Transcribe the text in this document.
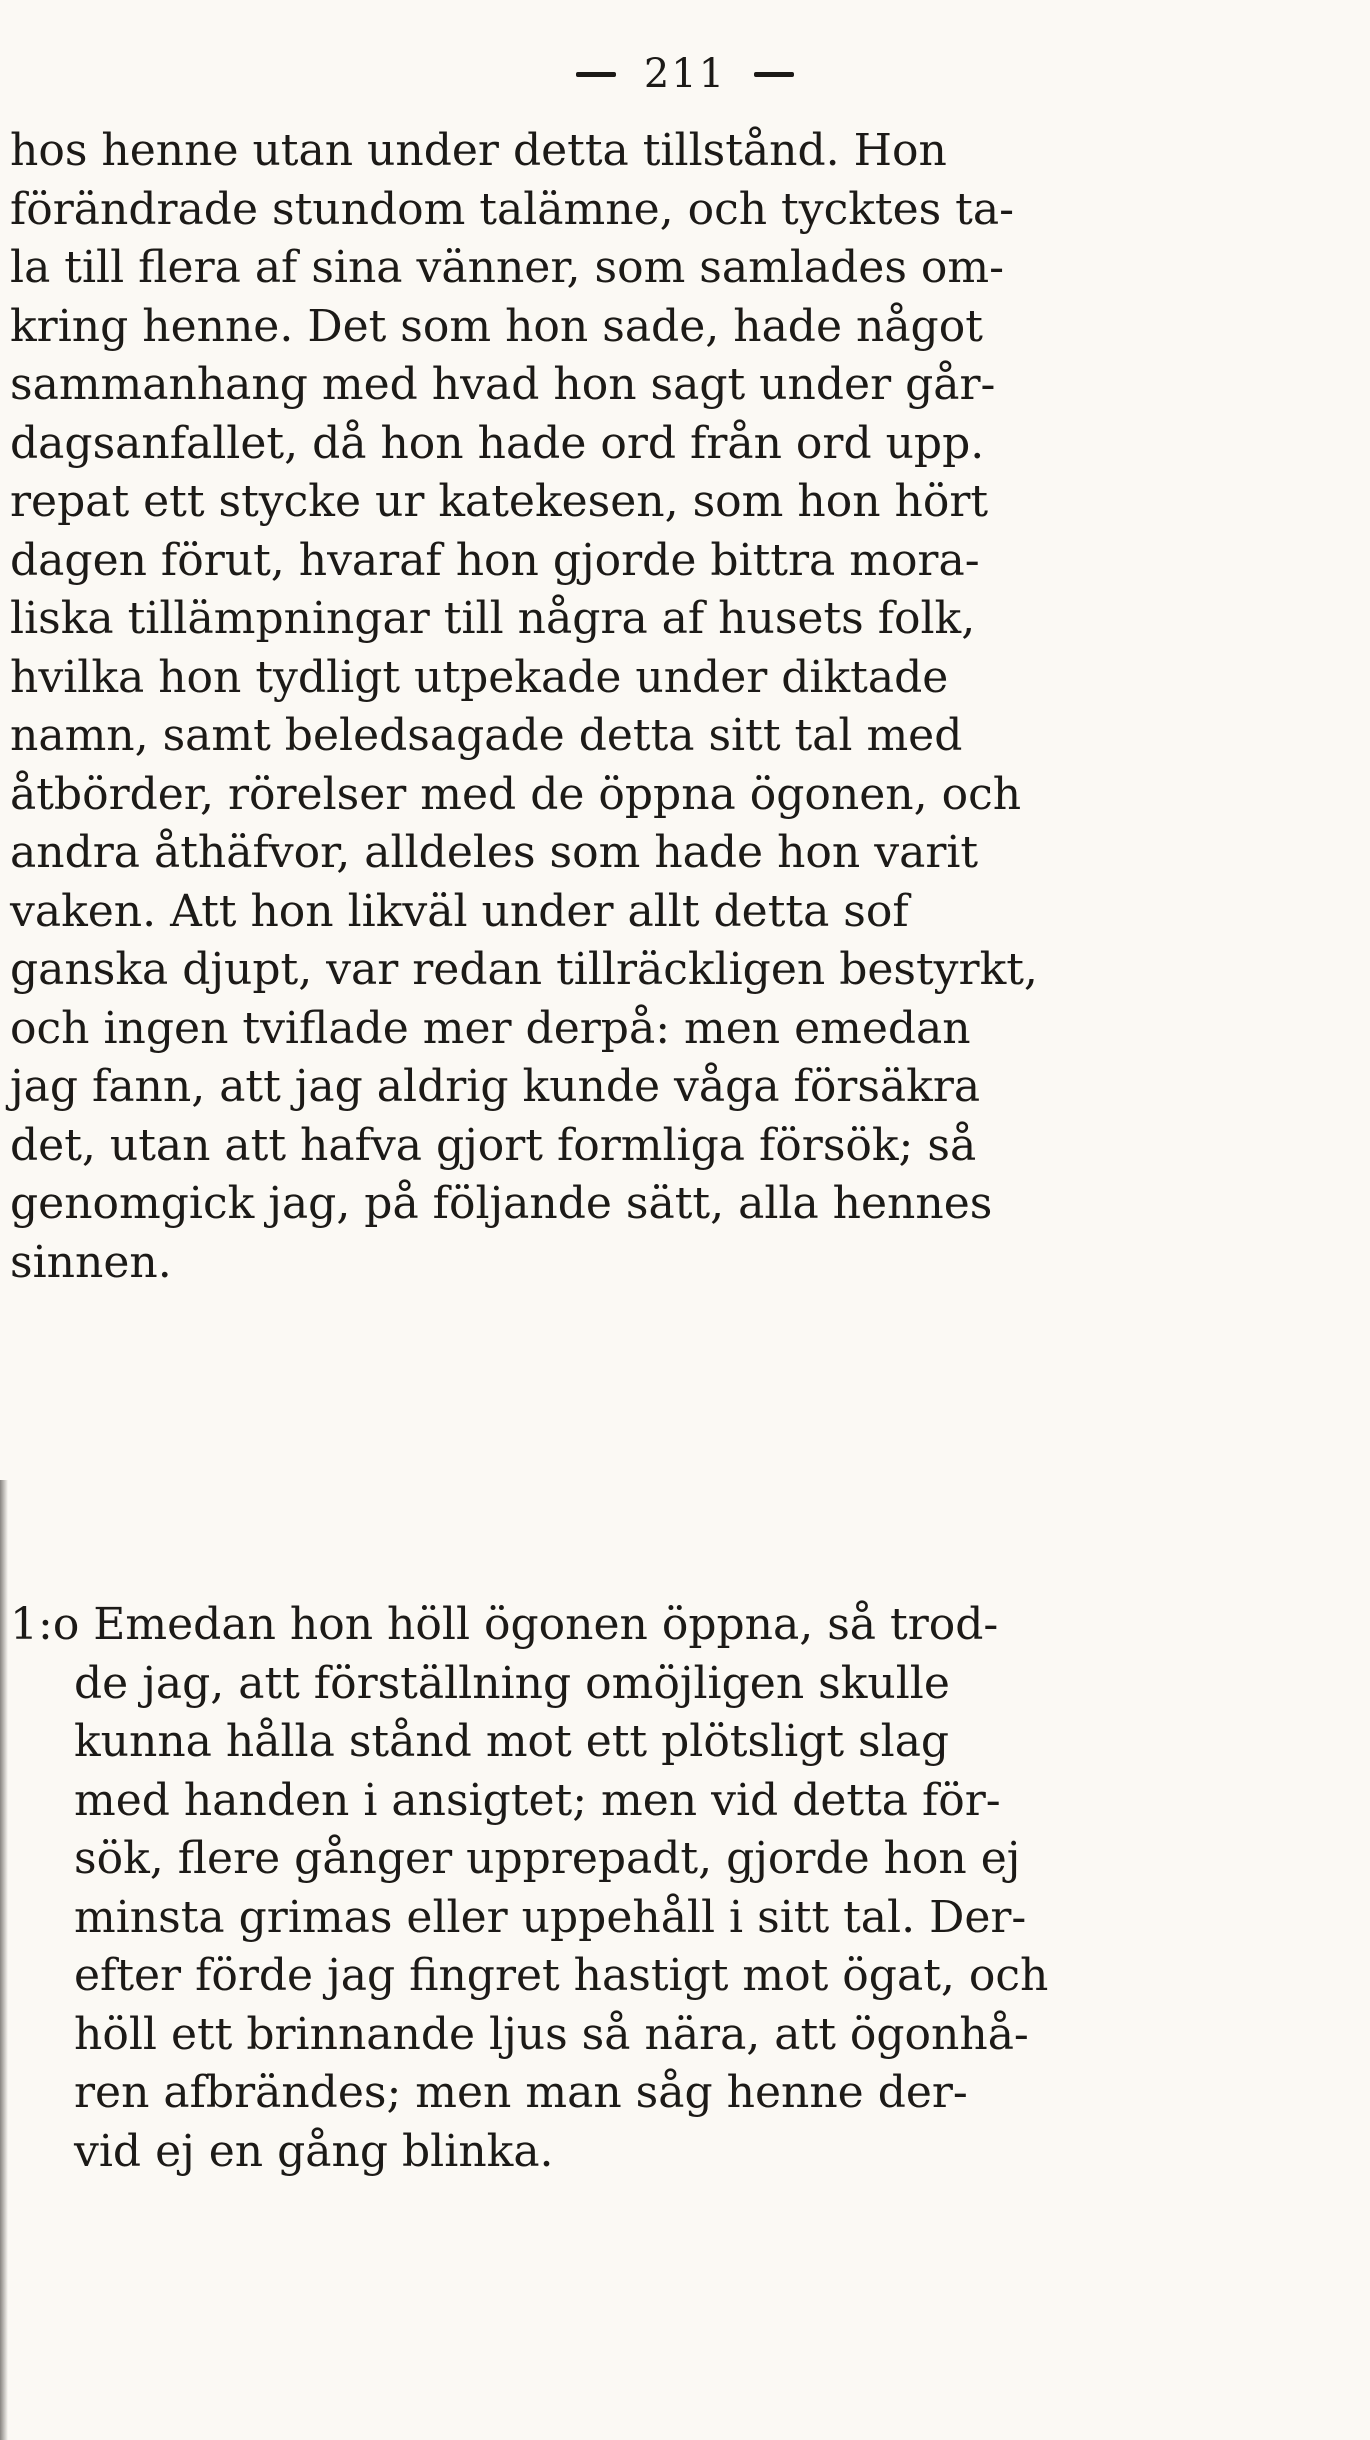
211
hos henne utan under detta tillstånd. Hon
förändrade stundom talämne, och tycktes ta-
la till flera af sina vänner, som samlades om-
kring henne. Det som hon sade, hade något
sammanhang med hvad hon sagt under går-
dagsanfallet, då hon hade ord från ord upp.
repat ett stycke ur katekesen, som hon hört
dagen förut, hvaraf hon gjorde bittra mora-
liska tillämpningar till några af husets folk,
hvilka hon tydligt utpekade under diktade
namn, samt beledsagade detta sitt tal med
åtbörder, rörelser med de öppna ögonen, och
andra åthäfvor, alldeles som hade hon varit
vaken. Att hon likväl under allt detta sof
ganska djupt, var redan tillräckligen bestyrkt,
och ingen tviflade mer derpå: men emedan
jag fann, att jag aldrig kunde våga försäkra
det, utan att hafva gjort formliga försök; så
genomgick jag, på följande sätt, alla hennes
sinnen.
1:o Emedan hon höll ögonen öppna, så trod-
de jag, att förställning omöjligen skulle
kunna hålla stånd mot ett plötsligt slag
med handen i ansigtet; men vid detta för-
sök, flere gånger upprepadt, gjorde hon ej
minsta grimas eller uppehåll i sitt tal. Der-
efter förde jag fingret hastigt mot ögat, och
höll ett brinnande ljus så nära, att ögonhå-
ren afbrändes; men man såg henne der-
vid ej en gång blinka.
